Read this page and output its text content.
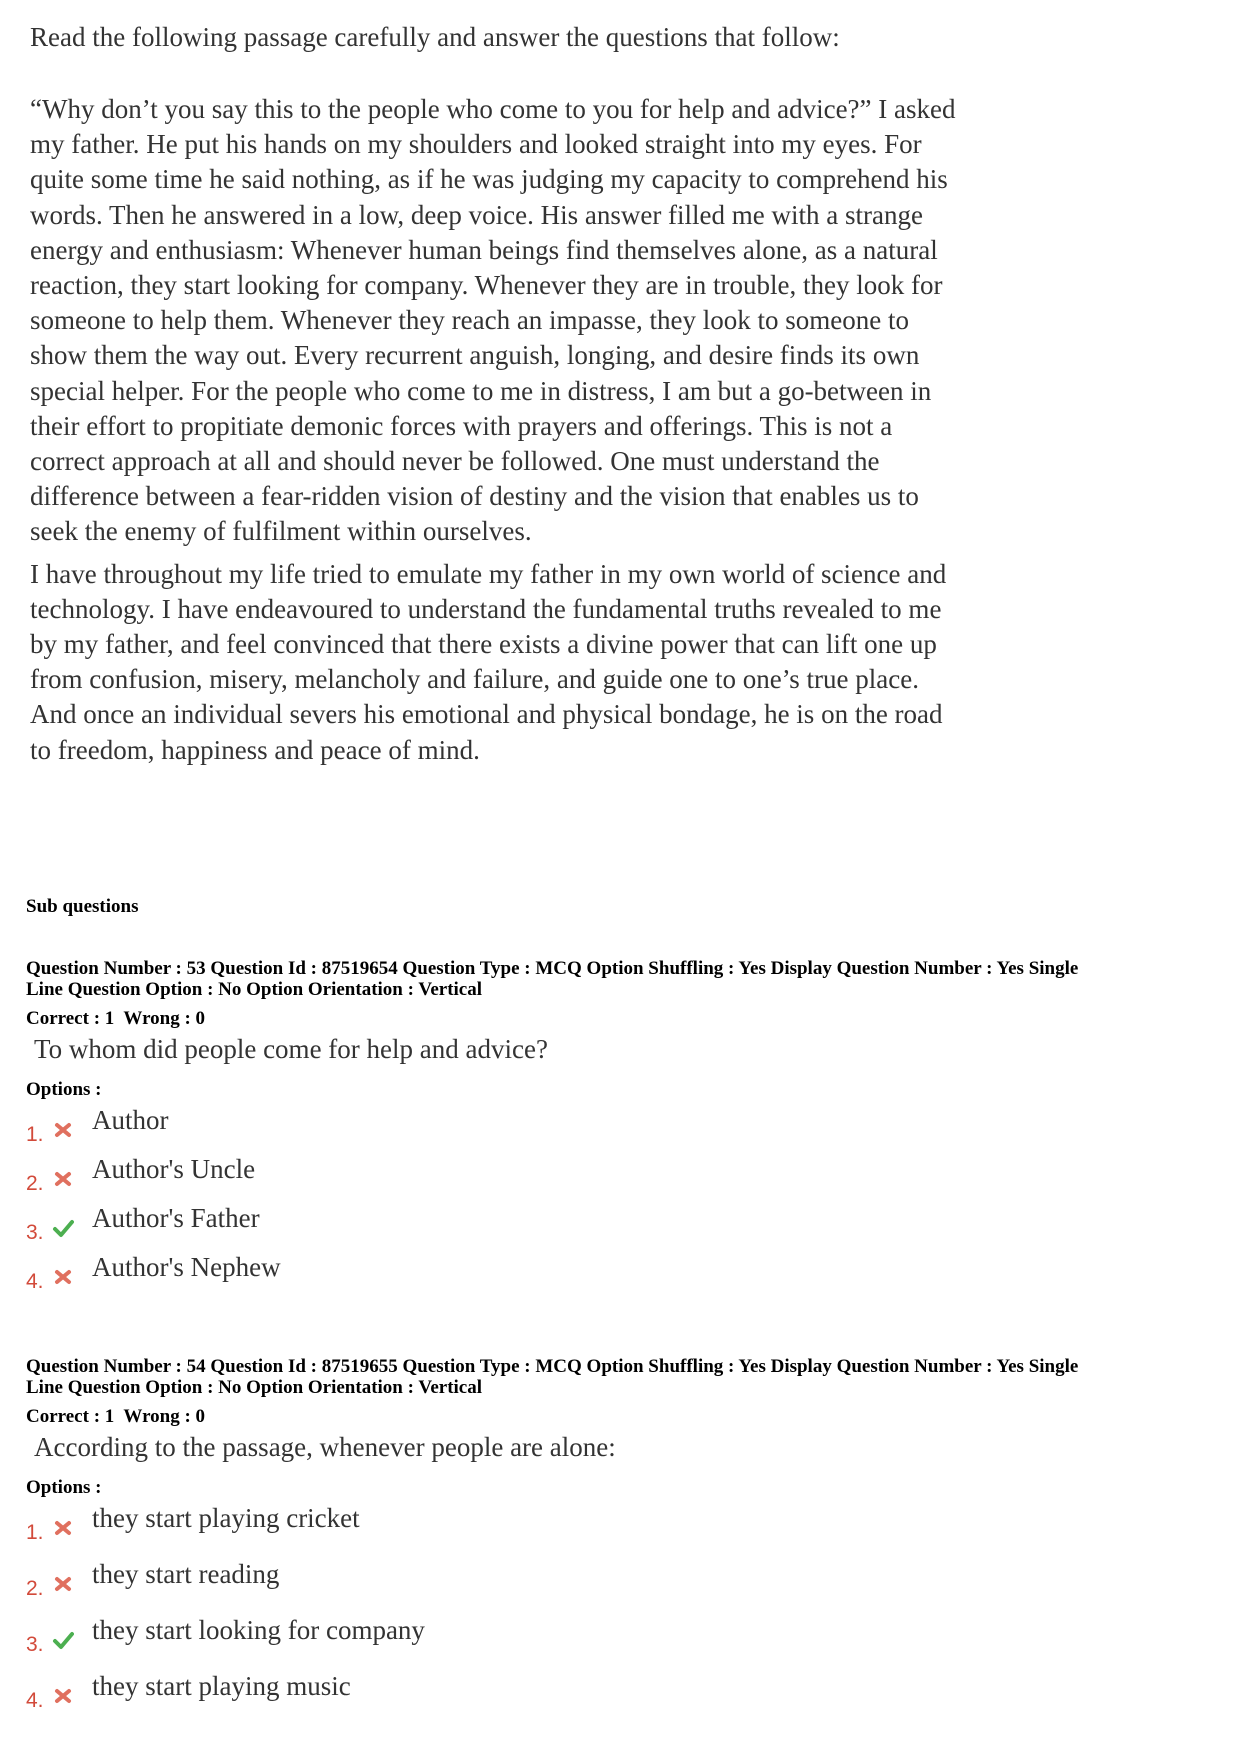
Read the following passage carefully and answer the questions that follow:

“Why don’t you say this to the people who come to you for help and advice?” I asked my father. He put his hands on my shoulders and looked straight into my eyes. For quite some time he said nothing, as if he was judging my capacity to comprehend his words. Then he answered in a low, deep voice. His answer filled me with a strange energy and enthusiasm: Whenever human beings find themselves alone, as a natural reaction, they start looking for company. Whenever they are in trouble, they look for someone to help them. Whenever they reach an impasse, they look to someone to show them the way out. Every recurrent anguish, longing, and desire finds its own special helper. For the people who come to me in distress, I am but a go-between in their effort to propitiate demonic forces with prayers and offerings. This is not a correct approach at all and should never be followed. One must understand the difference between a fear-ridden vision of destiny and the vision that enables us to seek the enemy of fulfilment within ourselves.

I have throughout my life tried to emulate my father in my own world of science and technology. I have endeavoured to understand the fundamental truths revealed to me by my father, and feel convinced that there exists a divine power that can lift one up from confusion, misery, melancholy and failure, and guide one to one’s true place. And once an individual severs his emotional and physical bondage, he is on the road to freedom, happiness and peace of mind.

Sub questions
Question Number : 53 Question Id : 87519654 Question Type : MCQ Option Shuffling : Yes Display Question Number : Yes Single
Line Question Option : No Option Orientation : Vertical
Correct : 1  Wrong : 0
To whom did people come for help and advice?
Options :
1. Author
2. Author's Uncle
3. Author's Father
4. Author's Nephew
Question Number : 54 Question Id : 87519655 Question Type : MCQ Option Shuffling : Yes Display Question Number : Yes Single
Line Question Option : No Option Orientation : Vertical
Correct : 1  Wrong : 0
According to the passage, whenever people are alone:
Options :
1. they start playing cricket
2. they start reading
3. they start looking for company
4. they start playing music
